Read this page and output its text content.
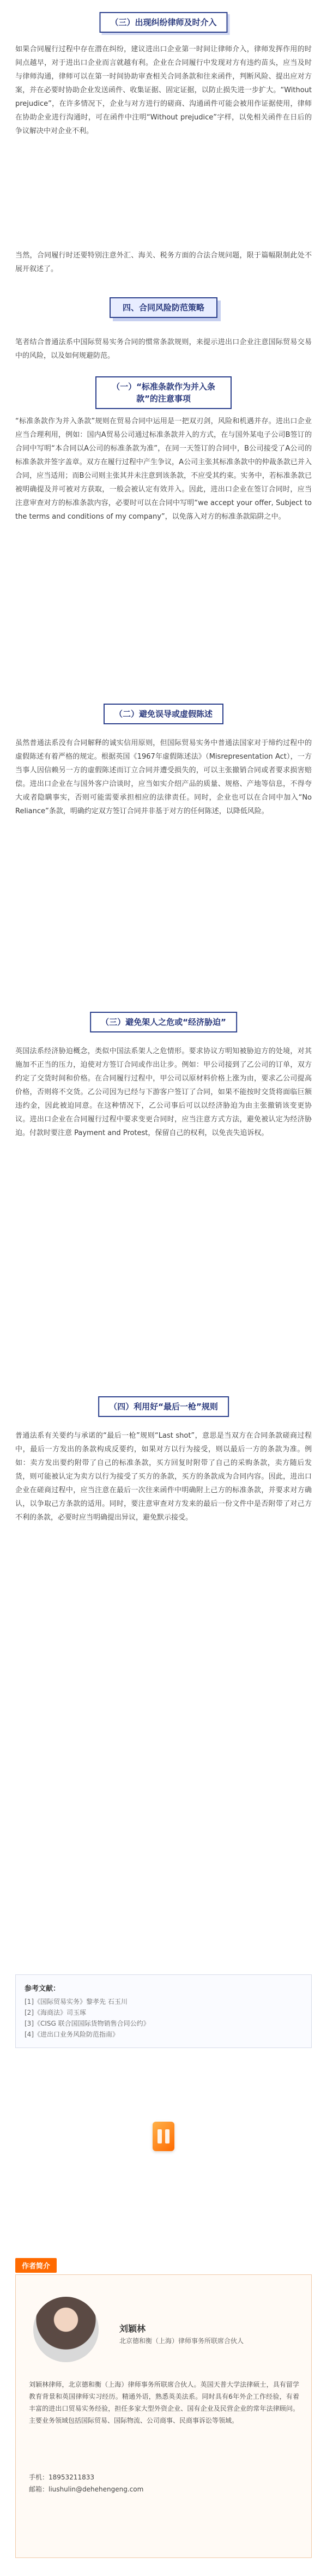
（三）出现纠纷律师及时介入
如果合同履行过程中存在潜在纠纷，建议进出口企业第一时间让律师介入，律师发挥作用的时间点越早，对于进出口企业而言就越有利。企业在合同履行中发现对方有违约苗头，应当及时与律师沟通，律师可以在第一时间协助审查相关合同条款和往来函件，判断风险、提出应对方案，并在必要时协助企业发送函件、收集证据、固定证据，以防止损失进一步扩大。“Without prejudice”，在许多情况下，企业与对方进行的磋商、沟通函件可能会被用作证据使用，律师在协助企业进行沟通时，可在函件中注明“Without prejudice”字样，以免相关函件在日后的争议解决中对企业不利。
当然，合同履行时还要特别注意外汇、海关、税务方面的合法合规问题，限于篇幅限制此处不展开叙述了。
四、合同风险防范策略
笔者结合普通法系中国际贸易实务合同的惯常条款规则，来提示进出口企业注意国际贸易交易中的风险，以及如何规避防范。
（一）“标准条款作为并入条款”的注意事项
“标准条款作为并入条款”规则在贸易合同中运用是一把双刃剑，风险和机遇并存。进出口企业应当合理利用，例如：国内A贸易公司通过标准条款并入的方式，在与国外某电子公司B签订的合同中写明“本合同以A公司的标准条款为准”，在同一天签订的合同中，B公司接受了A公司的标准条款并签字盖章。双方在履行过程中产生争议，A公司主张其标准条款中的仲裁条款已并入合同，应当适用；而B公司则主张其并未注意到该条款，不应受其约束。实务中，若标准条款已被明确提及并可被对方获取，一般会被认定有效并入。因此，进出口企业在签订合同时，应当注意审查对方的标准条款内容，必要时可以在合同中写明“we accept your offer, Subject to the terms and conditions of my company”，以免落入对方的标准条款陷阱之中。
（二）避免误导或虚假陈述
虽然普通法系没有合同解释的诚实信用原则，但国际贸易实务中普通法国家对于缔约过程中的虚假陈述有着严格的规定。根据英国《1967年虚假陈述法》（Misrepresentation Act），一方当事人因信赖另一方的虚假陈述而订立合同并遭受损失的，可以主张撤销合同或者要求损害赔偿。进出口企业在与国外客户洽谈时，应当如实介绍产品的质量、规格、产地等信息，不得夸大或者隐瞒事实，否则可能需要承担相应的法律责任。同时，企业也可以在合同中加入“No Reliance”条款，明确约定双方签订合同并非基于对方的任何陈述，以降低风险。
（三）避免架人之危或“经济胁迫”
英国法系经济胁迫概念，类似中国法系架人之危情形。要求协议方明知被胁迫方的处境，对其施加不正当的压力，迫使对方签订合同或作出让步。例如：甲公司接到了乙公司的订单，双方约定了交货时间和价格。在合同履行过程中，甲公司以原材料价格上涨为由，要求乙公司提高价格，否则将不交货。乙公司因为已经与下游客户签订了合同，如果不能按时交货将面临巨额违约金，因此被迫同意。在这种情况下，乙公司事后可以以经济胁迫为由主张撤销该变更协议。进出口企业在合同履行过程中要求变更合同时，应当注意方式方法，避免被认定为经济胁迫。付款时要注意 Payment and Protest，保留自己的权利，以免丧失追诉权。
（四）利用好“最后一枪”规则
普通法系有关要约与承诺的“最后一枪”规则“Last shot”，意思是当双方在合同条款磋商过程中，最后一方发出的条款构成反要约，如果对方以行为接受，则以最后一方的条款为准。例如：卖方发出要约附带了自己的标准条款，买方回复时附带了自己的采购条款，卖方随后发货，则可能被认定为卖方以行为接受了买方的条款，买方的条款成为合同内容。因此，进出口企业在磋商过程中，应当注意在最后一次往来函件中明确附上己方的标准条款，并要求对方确认，以争取己方条款的适用。同时，要注意审查对方发来的最后一份文件中是否附带了对己方不利的条款，必要时应当明确提出异议，避免默示接受。
参考文献：
[1]《国际贸易实务》黎孝先 石玉川
[2]《海商法》司玉琢
[3]《CISG 联合国国际货物销售合同公约》
[4]《进出口业务风险防范指南》
作者简介
刘颖林
北京德和衡（上海）律师事务所联席合伙人
刘颖林律师，北京德和衡（上海）律师事务所联席合伙人。英国天普大学法律硕士，具有留学教育背景和英国律师实习经历。精通外语，熟悉英美法系。同时具有6年外企工作经验，有着丰富的进出口贸易实务经验，担任多家大型外资企业、国有企业及民营企业的常年法律顾问。主要业务领域包括国际贸易、国际物流、公司商事、民商事诉讼等领域。
手机：18953211833
邮箱：liushulin@dehehengeng.com
